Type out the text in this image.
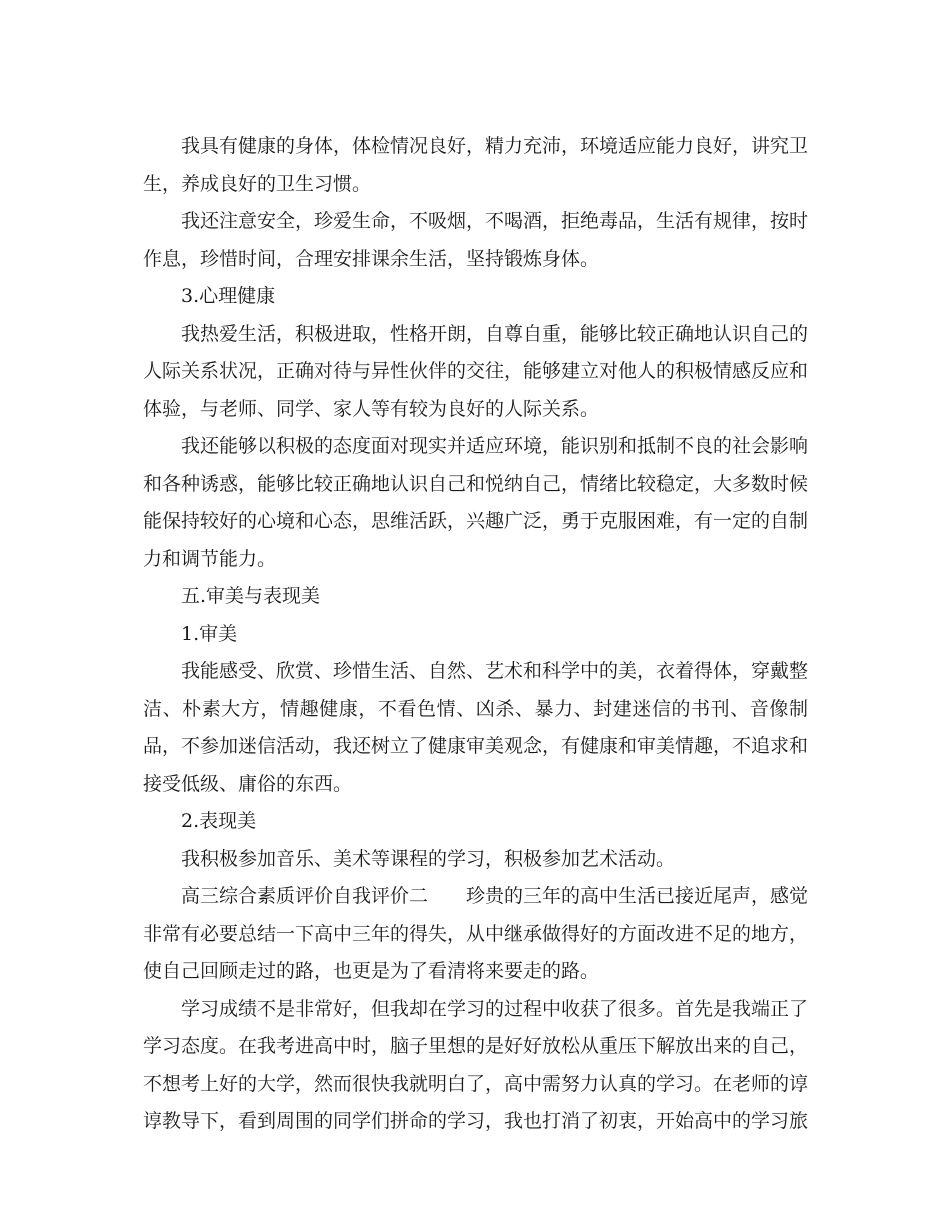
我具有健康的身体，体检情况良好，精力充沛，环境适应能力良好，讲究卫生，养成良好的卫生习惯。

我还注意安全，珍爱生命，不吸烟，不喝酒，拒绝毒品，生活有规律，按时作息，珍惜时间，合理安排课余生活，坚持锻炼身体。

3.心理健康

我热爱生活，积极进取，性格开朗，自尊自重，能够比较正确地认识自己的人际关系状况，正确对待与异性伙伴的交往，能够建立对他人的积极情感反应和体验，与老师、同学、家人等有较为良好的人际关系。

我还能够以积极的态度面对现实并适应环境，能识别和抵制不良的社会影响和各种诱惑，能够比较正确地认识自己和悦纳自己，情绪比较稳定，大多数时候能保持较好的心境和心态，思维活跃，兴趣广泛，勇于克服困难，有一定的自制力和调节能力。

五.审美与表现美

1.审美

我能感受、欣赏、珍惜生活、自然、艺术和科学中的美，衣着得体，穿戴整洁、朴素大方，情趣健康，不看色情、凶杀、暴力、封建迷信的书刊、音像制品，不参加迷信活动，我还树立了健康审美观念，有健康和审美情趣，不追求和接受低级、庸俗的东西。

2.表现美

我积极参加音乐、美术等课程的学习，积极参加艺术活动。

高三综合素质评价自我评价二　　珍贵的三年的高中生活已接近尾声，感觉非常有必要总结一下高中三年的得失，从中继承做得好的方面改进不足的地方，使自己回顾走过的路，也更是为了看清将来要走的路。

学习成绩不是非常好，但我却在学习的过程中收获了很多。首先是我端正了学习态度。在我考进高中时，脑子里想的是好好放松从重压下解放出来的自己，不想考上好的大学，然而很快我就明白了，高中需努力认真的学习。在老师的谆谆教导下，看到周围的同学们拼命的学习，我也打消了初衷，开始高中的学习旅
